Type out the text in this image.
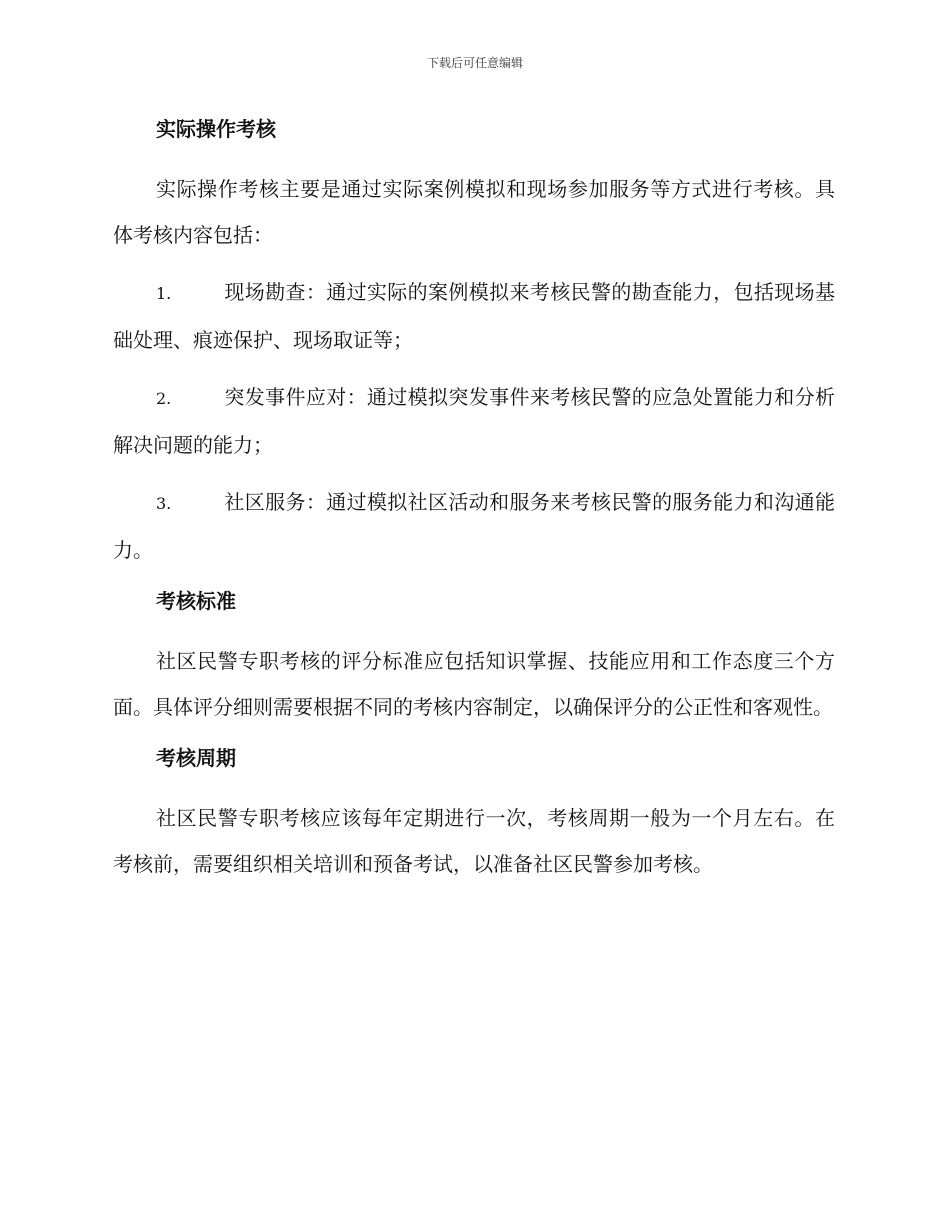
下载后可任意编辑
实际操作考核

实际操作考核主要是通过实际案例模拟和现场参加服务等方式进行考核。具体考核内容包括：

1.	现场勘查：通过实际的案例模拟来考核民警的勘查能力，包括现场基础处理、痕迹保护、现场取证等；

2.	突发事件应对：通过模拟突发事件来考核民警的应急处置能力和分析解决问题的能力；

3.	社区服务：通过模拟社区活动和服务来考核民警的服务能力和沟通能力。

考核标准

社区民警专职考核的评分标准应包括知识掌握、技能应用和工作态度三个方面。具体评分细则需要根据不同的考核内容制定，以确保评分的公正性和客观性。

考核周期

社区民警专职考核应该每年定期进行一次，考核周期一般为一个月左右。在考核前，需要组织相关培训和预备考试，以准备社区民警参加考核。
